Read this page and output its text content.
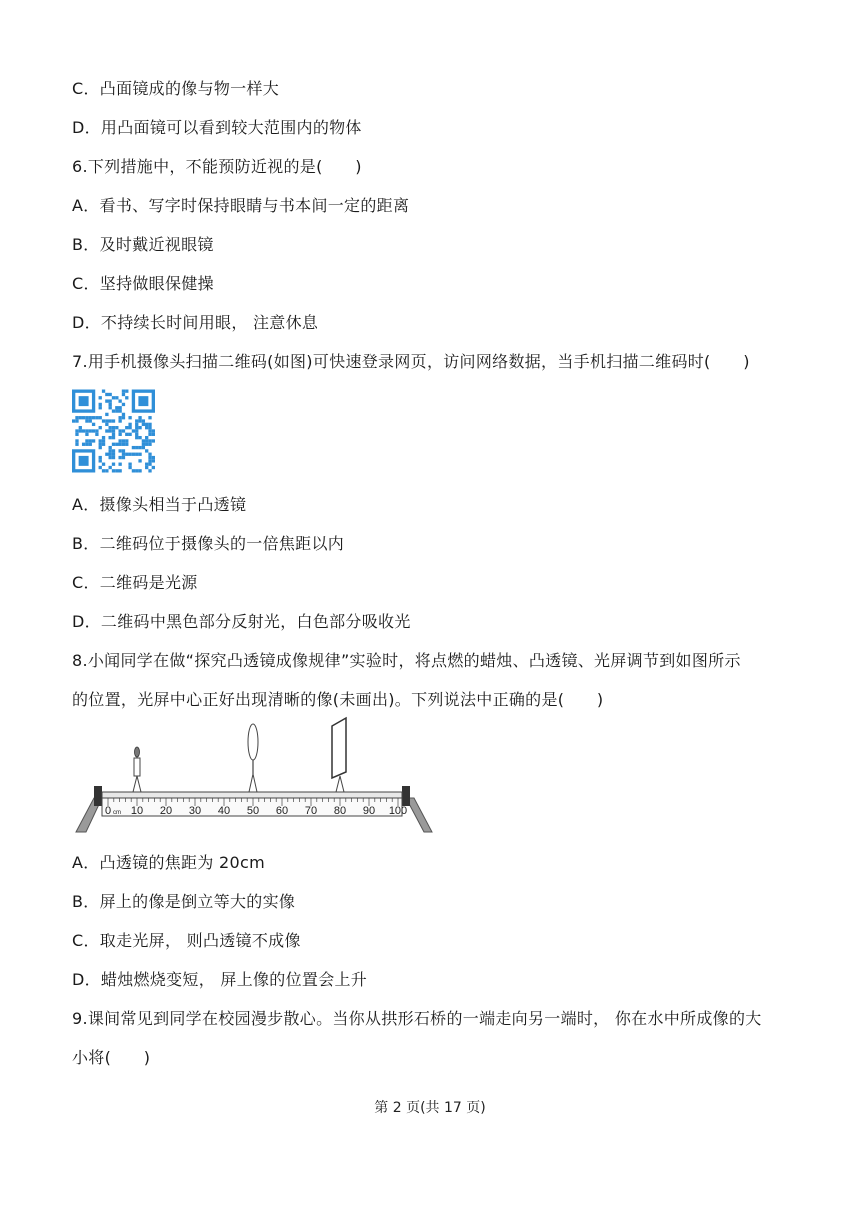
C．凸面镜成的像与物一样大
D．用凸面镜可以看到较大范围内的物体
6.下列措施中，不能预防近视的是(　　)
A．看书、写字时保持眼睛与书本间一定的距离
B．及时戴近视眼镜
C．坚持做眼保健操
D．不持续长时间用眼， 注意休息
7.用手机摄像头扫描二维码(如图)可快速登录网页，访问网络数据，当手机扫描二维码时(　　)
A．摄像头相当于凸透镜
B．二维码位于摄像头的一倍焦距以内
C．二维码是光源
D．二维码中黑色部分反射光，白色部分吸收光
8.小闻同学在做“探究凸透镜成像规律”实验时，将点燃的蜡烛、凸透镜、光屏调节到如图所示
的位置，光屏中心正好出现清晰的像(未画出)。下列说法中正确的是(　　)
0 10 20 30 40 50 60 70 80 90 100
cm
A．凸透镜的焦距为 20cm
B．屏上的像是倒立等大的实像
C．取走光屏， 则凸透镜不成像
D．蜡烛燃烧变短， 屏上像的位置会上升
9.课间常见到同学在校园漫步散心。当你从拱形石桥的一端走向另一端时， 你在水中所成像的大
小将(　　)
第 2 页(共 17 页)
